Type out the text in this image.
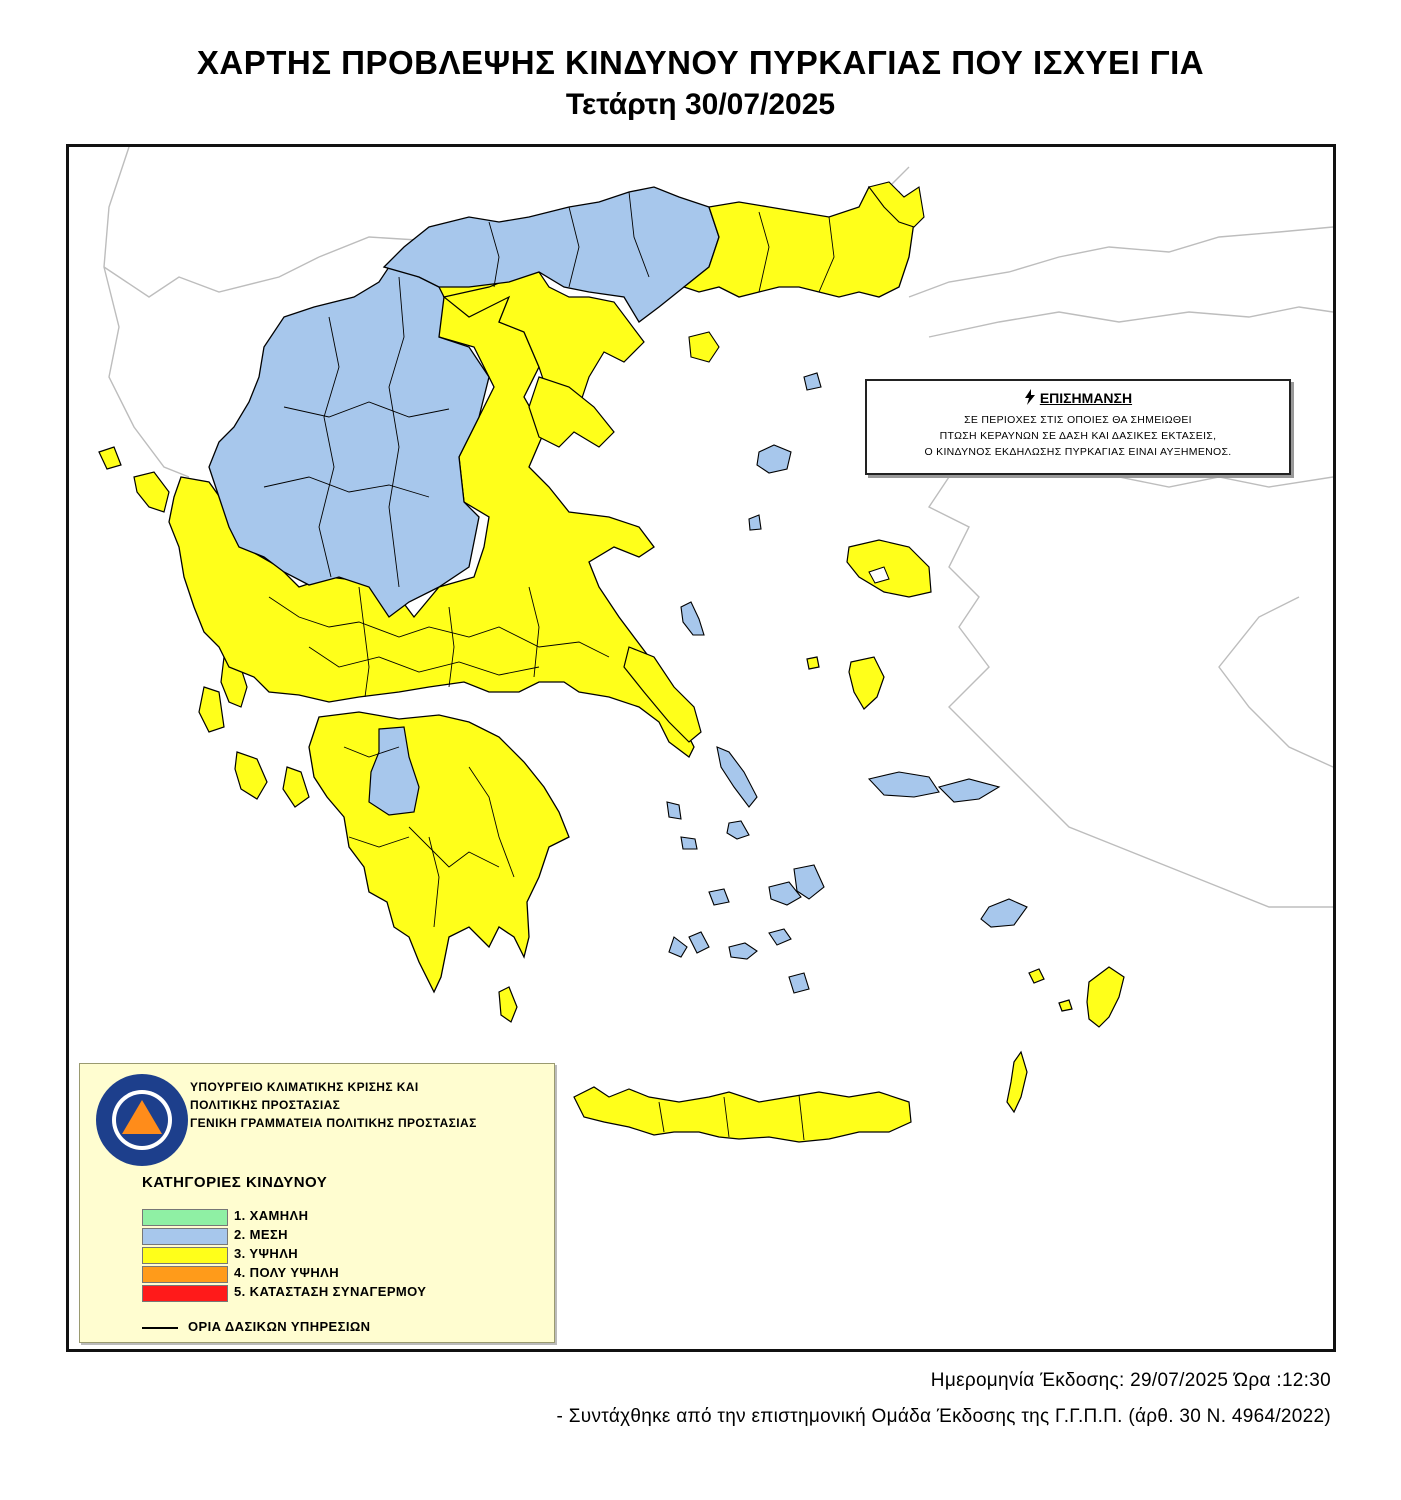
ΧΑΡΤΗΣ ΠΡΟΒΛΕΨΗΣ ΚΙΝΔΥΝΟΥ ΠΥΡΚΑΓΙΑΣ ΠΟΥ ΙΣΧΥΕΙ ΓΙΑ
Τετάρτη 30/07/2025
ΕΠΙΣΗΜΑΝΣΗ
ΣΕ ΠΕΡΙΟΧΕΣ ΣΤΙΣ ΟΠΟΙΕΣ ΘΑ ΣΗΜΕΙΩΘΕΙ
ΠΤΩΣΗ ΚΕΡΑΥΝΩΝ ΣΕ ΔΑΣΗ ΚΑΙ ΔΑΣΙΚΕΣ ΕΚΤΑΣΕΙΣ,
Ο ΚΙΝΔΥΝΟΣ ΕΚΔΗΛΩΣΗΣ ΠΥΡΚΑΓΙΑΣ ΕΙΝΑΙ ΑΥΞΗΜΕΝΟΣ.
ΥΠΟΥΡΓΕΙΟ ΚΛΙΜΑΤΙΚΗΣ ΚΡΙΣΗΣ ΚΑΙ
ΠΟΛΙΤΙΚΗΣ ΠΡΟΣΤΑΣΙΑΣ
ΓΕΝΙΚΗ ΓΡΑΜΜΑΤΕΙΑ ΠΟΛΙΤΙΚΗΣ ΠΡΟΣΤΑΣΙΑΣ
ΚΑΤΗΓΟΡΙΕΣ ΚΙΝΔΥΝΟΥ
1. ΧΑΜΗΛΗ
2. ΜΕΣΗ
3. ΥΨΗΛΗ
4. ΠΟΛΥ ΥΨΗΛΗ
5. ΚΑΤΑΣΤΑΣΗ ΣΥΝΑΓΕΡΜΟΥ
ΟΡΙΑ ΔΑΣΙΚΩΝ ΥΠΗΡΕΣΙΩΝ
Ημερομηνία Έκδοσης: 29/07/2025 Ώρα :12:30
- Συντάχθηκε από την επιστημονική Ομάδα Έκδοσης της Γ.Γ.Π.Π. (άρθ. 30 Ν. 4964/2022)
